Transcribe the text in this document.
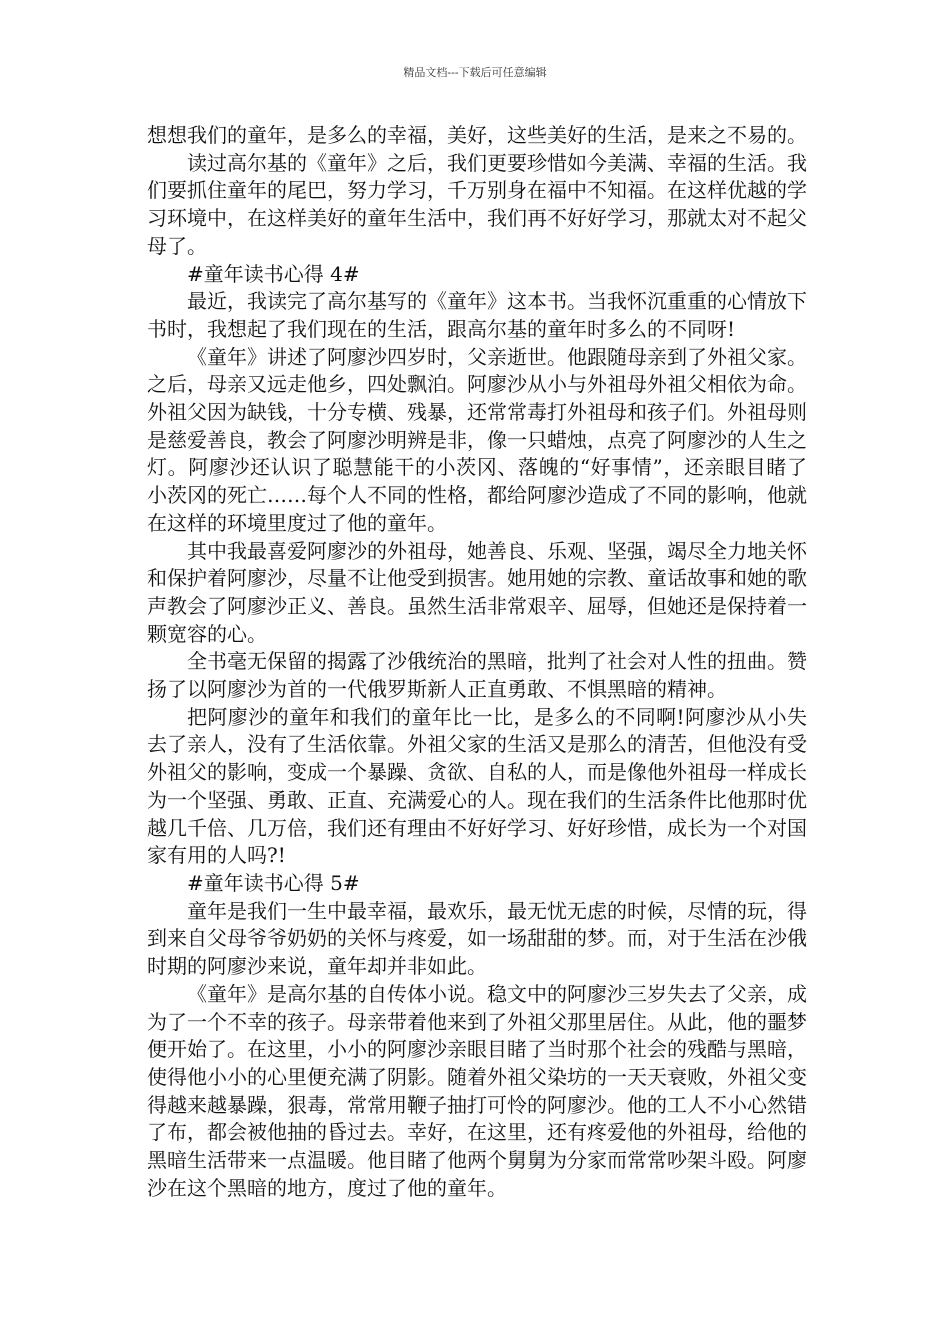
精品文档---下载后可任意编辑

想想我们的童年，是多么的幸福，美好，这些美好的生活，是来之不易的。

读过高尔基的《童年》之后，我们更要珍惜如今美满、幸福的生活。我们要抓住童年的尾巴，努力学习，千万别身在福中不知福。在这样优越的学习环境中，在这样美好的童年生活中，我们再不好好学习，那就太对不起父母了。

#童年读书心得 4#

最近，我读完了高尔基写的《童年》这本书。当我怀沉重重的心情放下书时，我想起了我们现在的生活，跟高尔基的童年时多么的不同呀!

《童年》讲述了阿廖沙四岁时，父亲逝世。他跟随母亲到了外祖父家。之后，母亲又远走他乡，四处飘泊。阿廖沙从小与外祖母外祖父相依为命。外祖父因为缺钱，十分专横、残暴，还常常毒打外祖母和孩子们。外祖母则是慈爱善良，教会了阿廖沙明辨是非，像一只蜡烛，点亮了阿廖沙的人生之灯。阿廖沙还认识了聪慧能干的小茨冈、落魄的“好事情”，还亲眼目睹了小茨冈的死亡……每个人不同的性格，都给阿廖沙造成了不同的影响，他就在这样的环境里度过了他的童年。

其中我最喜爱阿廖沙的外祖母，她善良、乐观、坚强，竭尽全力地关怀和保护着阿廖沙，尽量不让他受到损害。她用她的宗教、童话故事和她的歌声教会了阿廖沙正义、善良。虽然生活非常艰辛、屈辱，但她还是保持着一颗宽容的心。

全书毫无保留的揭露了沙俄统治的黑暗，批判了社会对人性的扭曲。赞扬了以阿廖沙为首的一代俄罗斯新人正直勇敢、不惧黑暗的精神。

把阿廖沙的童年和我们的童年比一比，是多么的不同啊!阿廖沙从小失去了亲人，没有了生活依靠。外祖父家的生活又是那么的清苦，但他没有受外祖父的影响，变成一个暴躁、贪欲、自私的人，而是像他外祖母一样成长为一个坚强、勇敢、正直、充满爱心的人。现在我们的生活条件比他那时优越几千倍、几万倍，我们还有理由不好好学习、好好珍惜，成长为一个对国家有用的人吗?!

#童年读书心得 5#

童年是我们一生中最幸福，最欢乐，最无忧无虑的时候，尽情的玩，得到来自父母爷爷奶奶的关怀与疼爱，如一场甜甜的梦。而，对于生活在沙俄时期的阿廖沙来说，童年却并非如此。

《童年》是高尔基的自传体小说。稳文中的阿廖沙三岁失去了父亲，成为了一个不幸的孩子。母亲带着他来到了外祖父那里居住。从此，他的噩梦便开始了。在这里，小小的阿廖沙亲眼目睹了当时那个社会的残酷与黑暗，使得他小小的心里便充满了阴影。随着外祖父染坊的一天天衰败，外祖父变得越来越暴躁，狠毒，常常用鞭子抽打可怜的阿廖沙。他的工人不小心然错了布，都会被他抽的昏过去。幸好，在这里，还有疼爱他的外祖母，给他的黑暗生活带来一点温暖。他目睹了他两个舅舅为分家而常常吵架斗殴。阿廖沙在这个黑暗的地方，度过了他的童年。
